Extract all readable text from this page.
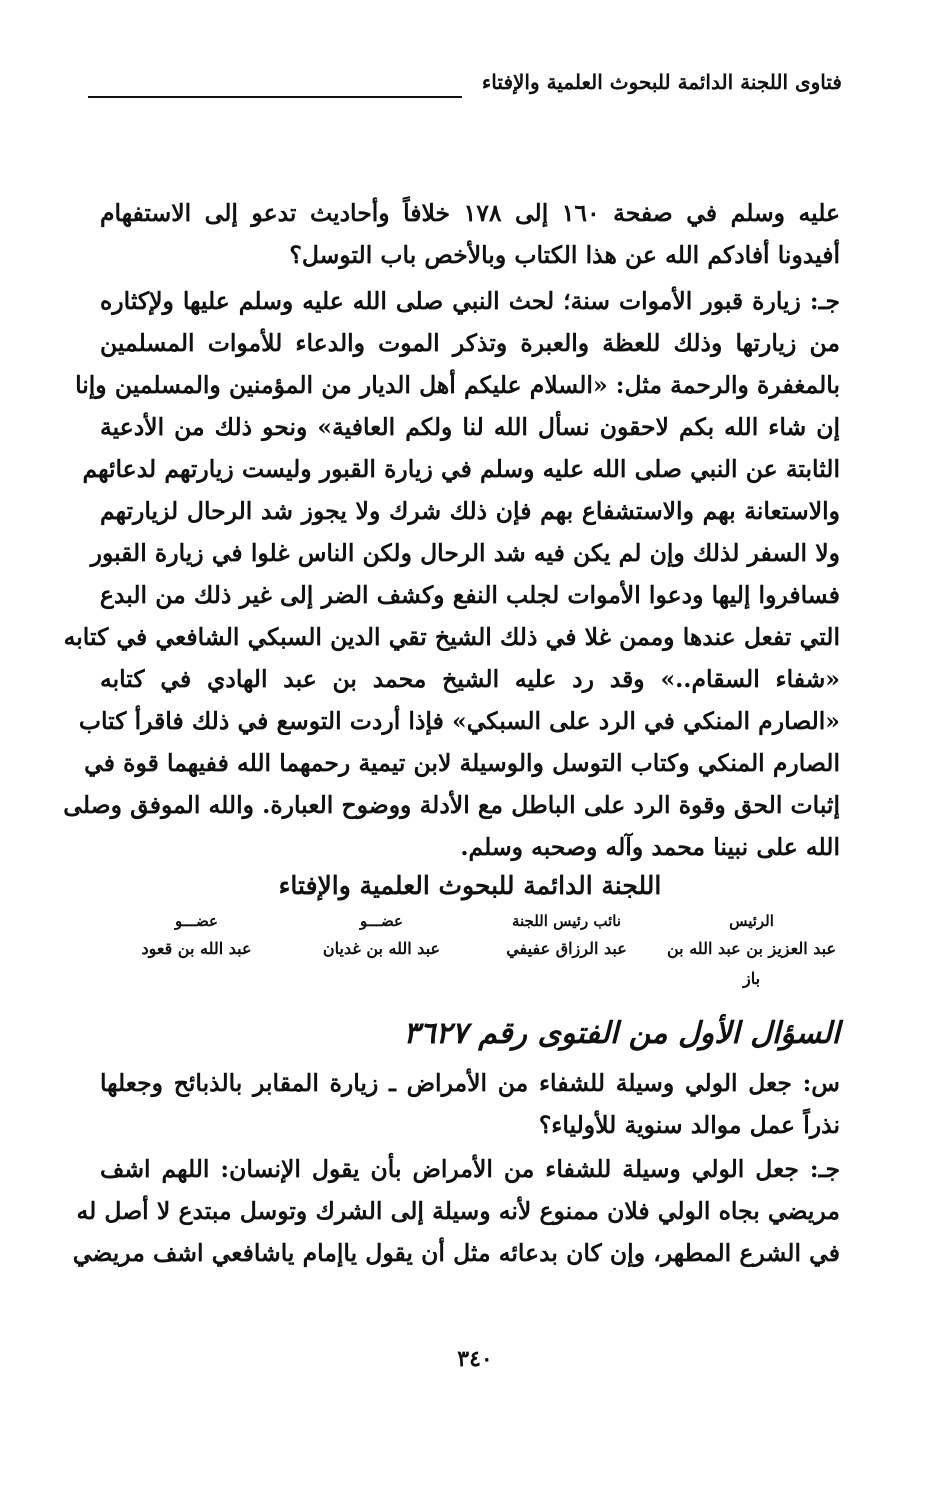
فتاوى اللجنة الدائمة للبحوث العلمية والإفتاء
عليه وسلم في صفحة ١٦٠ إلى ١٧٨ خلافاً وأحاديث تدعو إلى الاستفهام
أفيدونا أفادكم الله عن هذا الكتاب وبالأخص باب التوسل؟
جـ: زيارة قبور الأموات سنة؛ لحث النبي صلى الله عليه وسلم عليها ولإكثاره
من زيارتها وذلك للعظة والعبرة وتذكر الموت والدعاء للأموات المسلمين
بالمغفرة والرحمة مثل: «السلام عليكم أهل الديار من المؤمنين والمسلمين وإنا
إن شاء الله بكم لاحقون نسأل الله لنا ولكم العافية» ونحو ذلك من الأدعية
الثابتة عن النبي صلى الله عليه وسلم في زيارة القبور وليست زيارتهم لدعائهم
والاستعانة بهم والاستشفاع بهم فإن ذلك شرك ولا يجوز شد الرحال لزيارتهم
ولا السفر لذلك وإن لم يكن فيه شد الرحال ولكن الناس غلوا في زيارة القبور
فسافروا إليها ودعوا الأموات لجلب النفع وكشف الضر إلى غير ذلك من البدع
التي تفعل عندها وممن غلا في ذلك الشيخ تقي الدين السبكي الشافعي في كتابه
«شفاء السقام..» وقد رد عليه الشيخ محمد بن عبد الهادي في كتابه
«الصارم المنكي في الرد على السبكي» فإذا أردت التوسع في ذلك فاقرأ كتاب
الصارم المنكي وكتاب التوسل والوسيلة لابن تيمية رحمهما الله ففيهما قوة في
إثبات الحق وقوة الرد على الباطل مع الأدلة ووضوح العبارة. والله الموفق وصلى
الله على نبينا محمد وآله وصحبه وسلم.
اللجنة الدائمة للبحوث العلمية والإفتاء
الرئيس
عبد العزيز بن عبد الله بن باز
نائب رئيس اللجنة
عبد الرزاق عفيفي
عضـــو
عبد الله بن غديان
عضـــو
عبد الله بن قعود
السؤال الأول من الفتوى رقم ٣٦٢٧
س: جعل الولي وسيلة للشفاء من الأمراض ـ زيارة المقابر بالذبائح وجعلها
نذراً عمل موالد سنوية للأولياء؟
جـ: جعل الولي وسيلة للشفاء من الأمراض بأن يقول الإنسان: اللهم اشف
مريضي بجاه الولي فلان ممنوع لأنه وسيلة إلى الشرك وتوسل مبتدع لا أصل له
في الشرع المطهر، وإن كان بدعائه مثل أن يقول ياإمام ياشافعي اشف مريضي
٣٤٠
